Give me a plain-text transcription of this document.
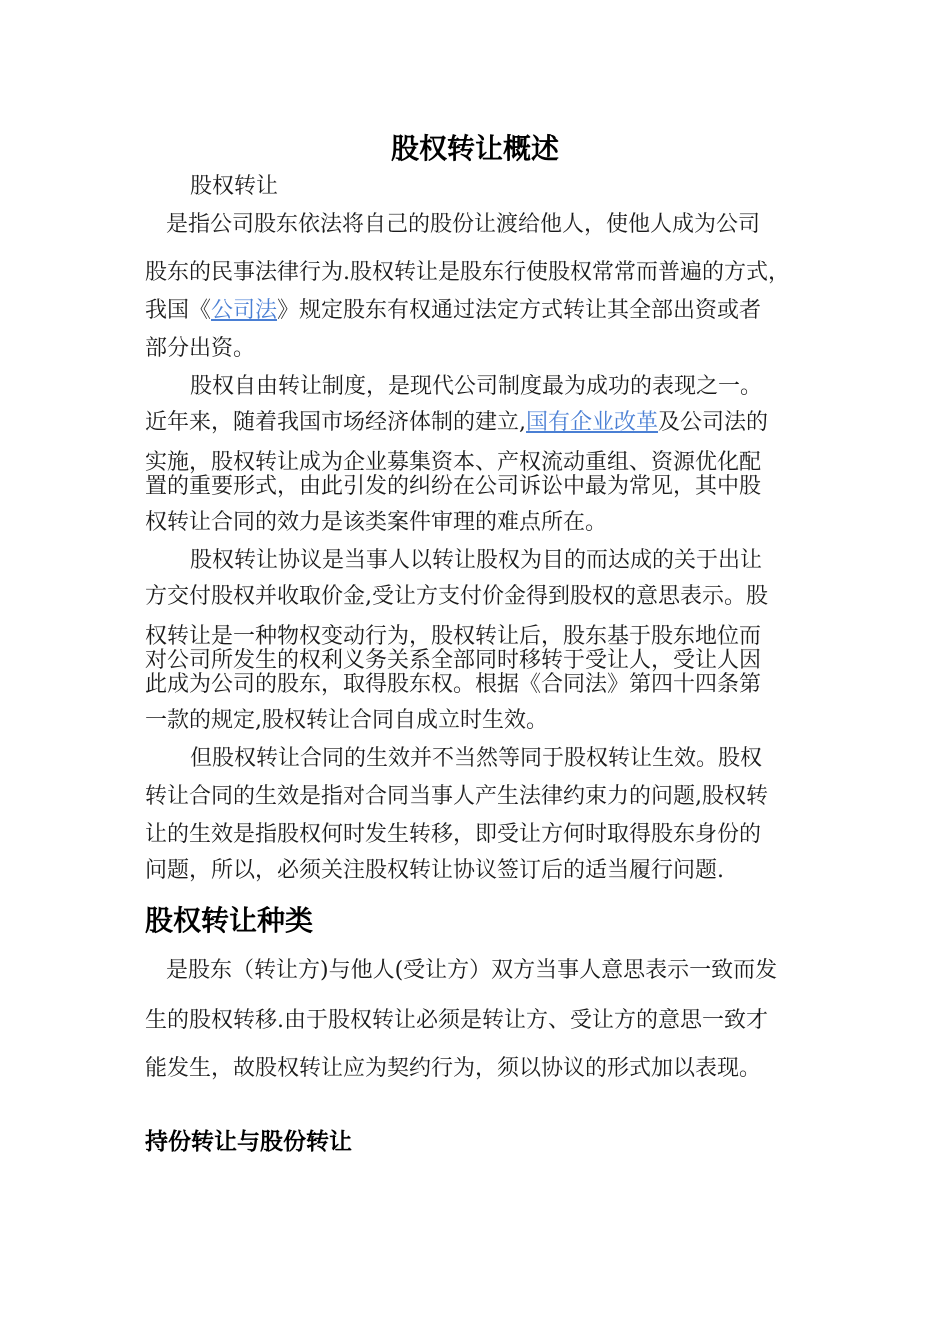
股权转让概述
股权转让
是指公司股东依法将自己的股份让渡给他人，使他人成为公司
股东的民事法律行为.股权转让是股东行使股权常常而普遍的方式，
我国《公司法》规定股东有权通过法定方式转让其全部出资或者
部分出资。
股权自由转让制度，是现代公司制度最为成功的表现之一。
近年来，随着我国市场经济体制的建立,国有企业改革及公司法的
实施，股权转让成为企业募集资本、产权流动重组、资源优化配
置的重要形式，由此引发的纠纷在公司诉讼中最为常见，其中股
权转让合同的效力是该类案件审理的难点所在。
股权转让协议是当事人以转让股权为目的而达成的关于出让
方交付股权并收取价金,受让方支付价金得到股权的意思表示。股
权转让是一种物权变动行为，股权转让后，股东基于股东地位而
对公司所发生的权利义务关系全部同时移转于受让人，受让人因
此成为公司的股东，取得股东权。根据《合同法》第四十四条第
一款的规定,股权转让合同自成立时生效。
但股权转让合同的生效并不当然等同于股权转让生效。股权
转让合同的生效是指对合同当事人产生法律约束力的问题,股权转
让的生效是指股权何时发生转移，即受让方何时取得股东身份的
问题，所以，必须关注股权转让协议签订后的适当履行问题.
股权转让种类
是股东（转让方)与他人(受让方）双方当事人意思表示一致而发
生的股权转移.由于股权转让必须是转让方、受让方的意思一致才
能发生，故股权转让应为契约行为，须以协议的形式加以表现。
持份转让与股份转让
